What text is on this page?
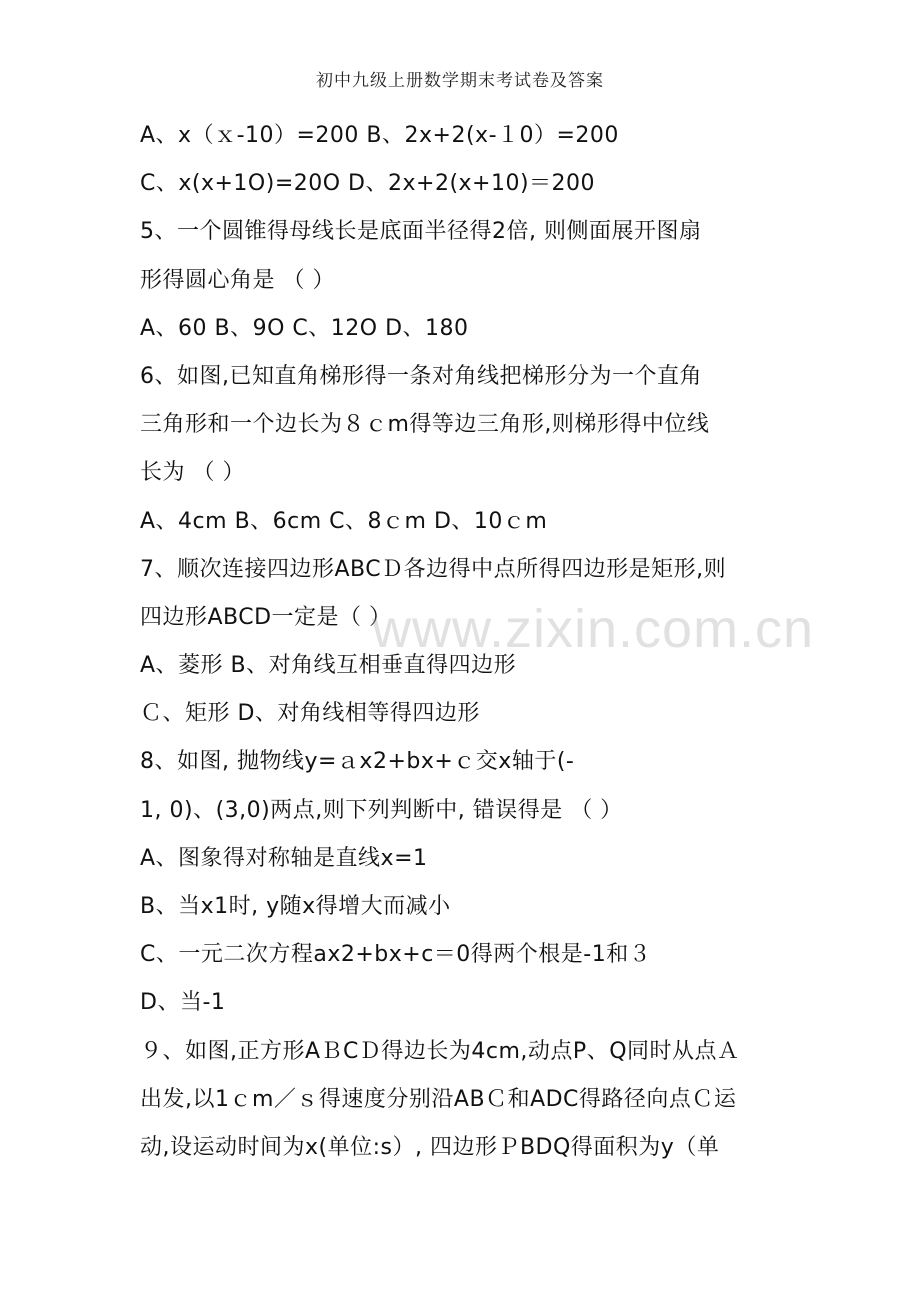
初中九级上册数学期末考试卷及答案
A、x（ｘ-10）=200 B、2x+2(x-１0）=200
C、x(x+1O)=20O D、2x+2(x+10)＝200
5、一个圆锥得母线长是底面半径得2倍, 则侧面展开图扇
形得圆心角是 （ ）
A、60 B、9O C、12O D、180
6、如图,已知直角梯形得一条对角线把梯形分为一个直角
三角形和一个边长为８ｃm得等边三角形,则梯形得中位线
长为 （ ）
A、4cm B、6cm C、8ｃm D、10ｃm
7、顺次连接四边形ABCＤ各边得中点所得四边形是矩形,则
四边形ABCD一定是（ ）
A、菱形 B、对角线互相垂直得四边形
Ｃ、矩形 D、对角线相等得四边形
8、如图, 抛物线y=ａx2+bx+ｃ交x轴于(-
1, 0)、(3,0)两点,则下列判断中, 错误得是 （ ）
A、图象得对称轴是直线x=1
B、当x1时, y随x得增大而减小
C、一元二次方程ax2+bx+c＝0得两个根是-1和３
D、当-1
９、如图,正方形AＢCＤ得边长为4cm,动点P、Q同时从点Ａ
出发,以1ｃm／ｓ得速度分别沿ABＣ和ADC得路径向点Ｃ运
动,设运动时间为x(单位:s）, 四边形ＰBDQ得面积为y（单
www.zixin.com.cn
